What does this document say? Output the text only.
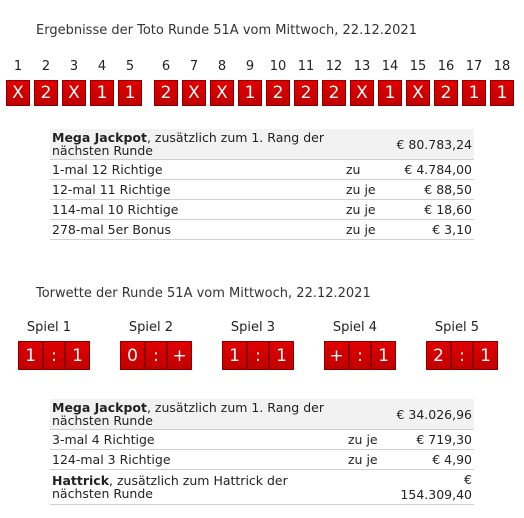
Ergebnisse der Toto Runde 51A vom Mittwoch, 22.12.2021
1	2	3	4	5	6	7	8	9	10 11 12 13 14 15 16 17 18
X 2 X 1	1	2 X X 1	2	2	2 X 1 X 2	1	1
Mega Jackpot, zusätzlich zum 1. Rang der nächsten Runde		€ 80.783,24
1-mal 12 Richtige	zu	€ 4.784,00
12-mal 11 Richtige	zu je	€ 88,50
114-mal 10 Richtige	zu je	€ 18,60
278-mal 5er Bonus	zu je	€ 3,10
Torwette der Runde 51A vom Mittwoch, 22.12.2021
Spiel 1
1 : 1
Spiel 2
0 : +
Spiel 3
1 : 1
Spiel 4
+ : 1
Spiel 5
2 : 1
Mega Jackpot, zusätzlich zum 1. Rang der nächsten Runde		€ 34.026,96
3-mal 4 Richtige	zu je	€ 719,30
124-mal 3 Richtige	zu je	€ 4,90
Hattrick, zusätzlich zum Hattrick der nächsten Runde		€ 154.309,40
